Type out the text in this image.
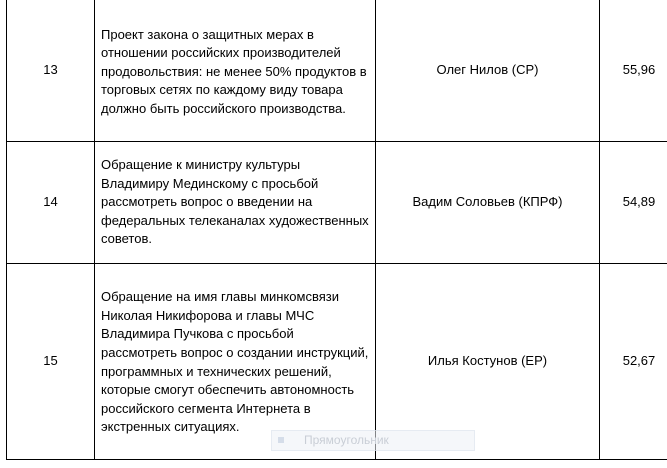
13	Проект закона о защитных мерах в отношении российских производителей продовольствия: не менее 50% продуктов в торговых сетях по каждому виду товара должно быть российского производства.	Олег Нилов (СР)	55,96
14	Обращение к министру культуры Владимиру Мединскому с просьбой рассмотреть вопрос о введении на федеральных телеканалах художественных советов.	Вадим Соловьев (КПРФ)	54,89
15	Обращение на имя главы минкомсвязи Николая Никифорова и главы МЧС Владимира Пучкова с просьбой рассмотреть вопрос о создании инструкций, программных и технических решений, которые смогут обеспечить автономность российского сегмента Интернета в экстренных ситуациях.	Илья Костунов (ЕР)	52,67
Прямоугольник
